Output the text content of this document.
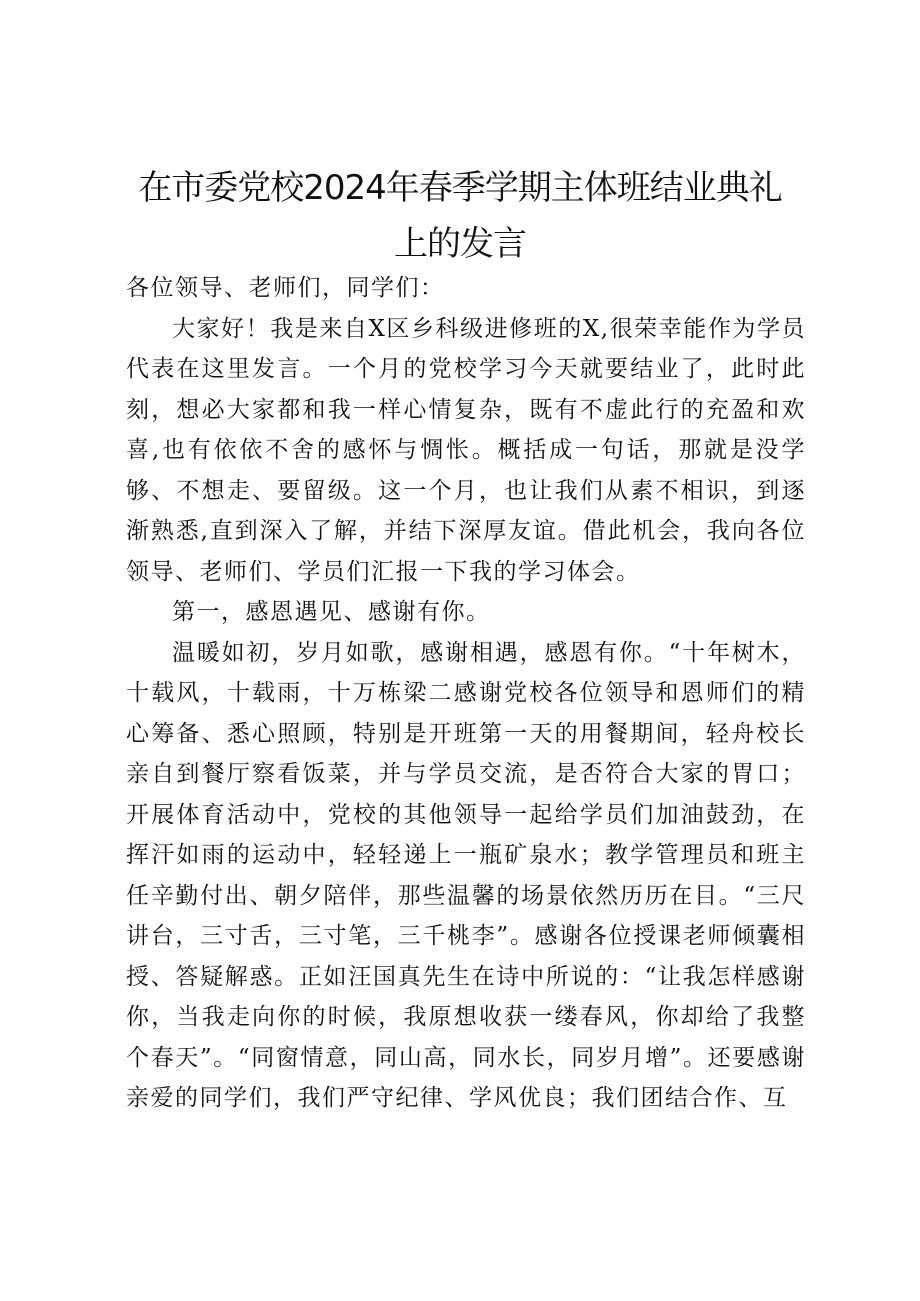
在市委党校2024年春季学期主体班结业典礼
上的发言

各位领导、老师们，同学们：

大家好！我是来自X区乡科级进修班的X,很荣幸能作为学员代表在这里发言。一个月的党校学习今天就要结业了，此时此刻，想必大家都和我一样心情复杂，既有不虚此行的充盈和欢喜,也有依依不舍的感怀与惆怅。概括成一句话，那就是没学够、不想走、要留级。这一个月，也让我们从素不相识，到逐渐熟悉,直到深入了解，并结下深厚友谊。借此机会，我向各位领导、老师们、学员们汇报一下我的学习体会。

第一，感恩遇见、感谢有你。

温暖如初，岁月如歌，感谢相遇，感恩有你。“十年树木，十载风，十载雨，十万栋梁二感谢党校各位领导和恩师们的精心筹备、悉心照顾，特别是开班第一天的用餐期间，轻舟校长亲自到餐厅察看饭菜，并与学员交流，是否符合大家的胃口；开展体育活动中，党校的其他领导一起给学员们加油鼓劲，在挥汗如雨的运动中，轻轻递上一瓶矿泉水；教学管理员和班主任辛勤付出、朝夕陪伴，那些温馨的场景依然历历在目。“三尺讲台，三寸舌，三寸笔，三千桃李”。感谢各位授课老师倾囊相授、答疑解惑。正如汪国真先生在诗中所说的：“让我怎样感谢你，当我走向你的时候，我原想收获一缕春风，你却给了我整个春天”。“同窗情意，同山高，同水长，同岁月增”。还要感谢亲爱的同学们，我们严守纪律、学风优良；我们团结合作、互
